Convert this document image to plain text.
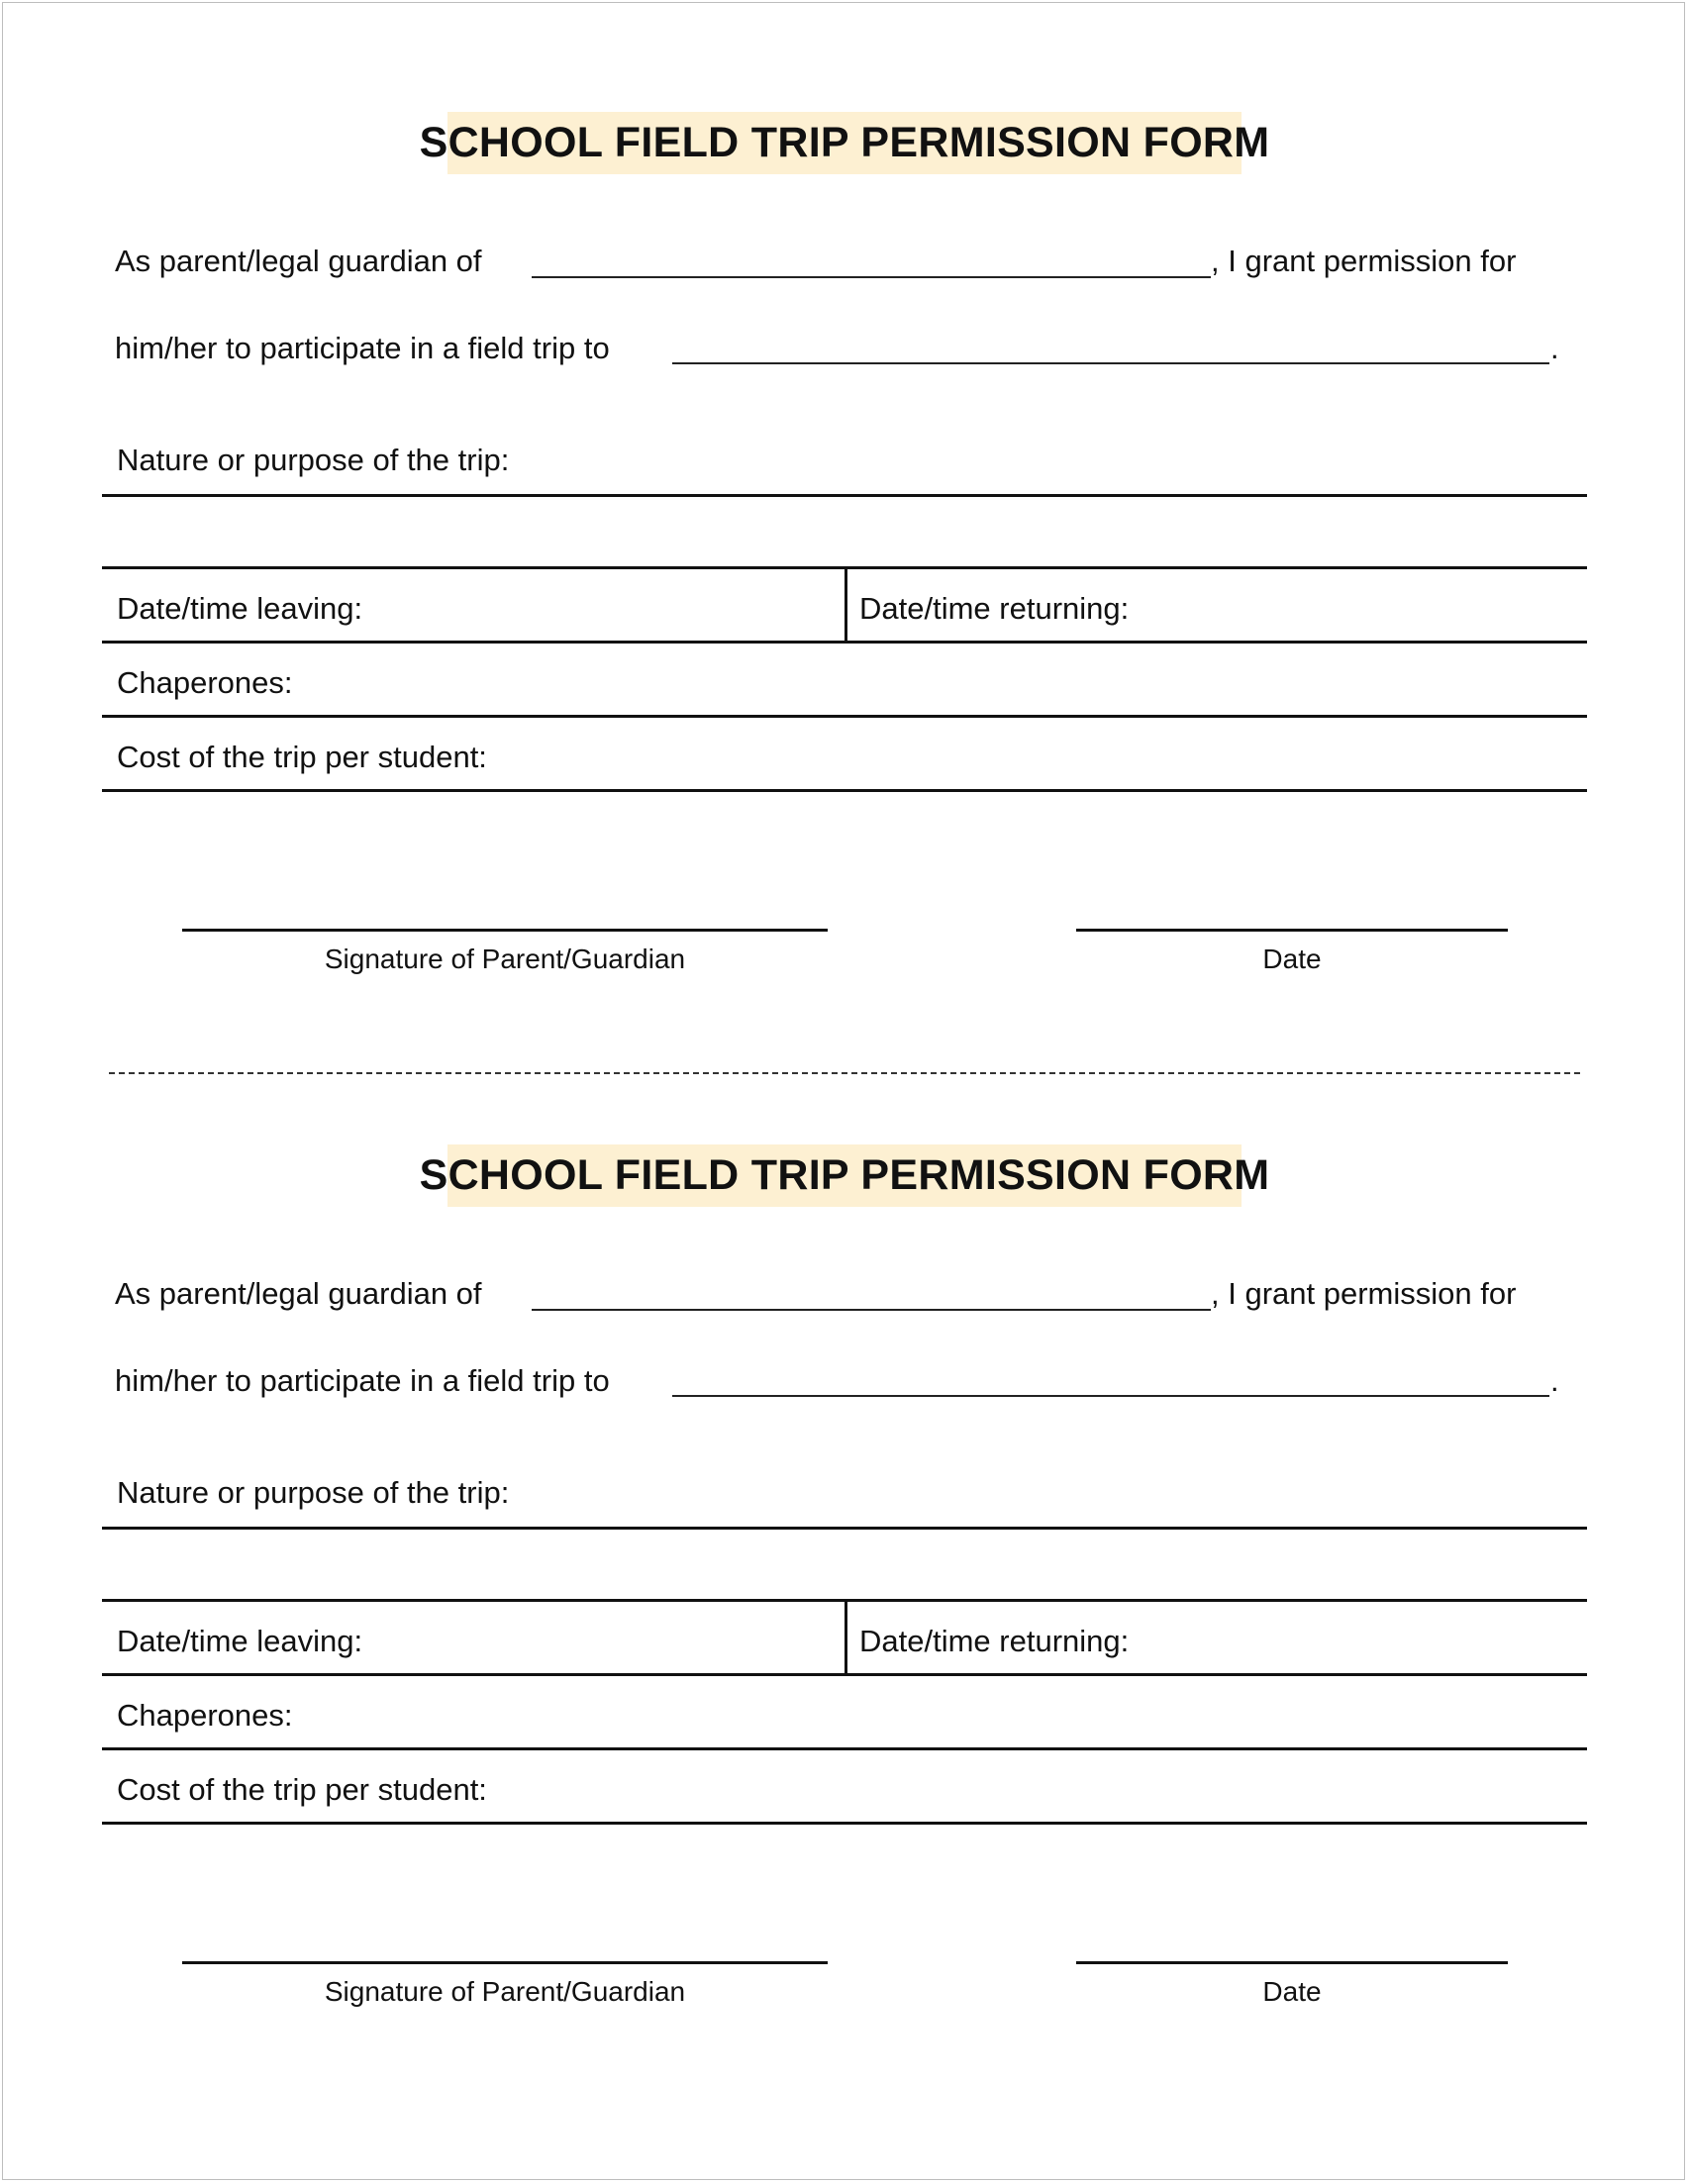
SCHOOL FIELD TRIP PERMISSION FORM
As parent/legal guardian of	, I grant permission for
him/her to participate in a field trip to	.
Nature or purpose of the trip:
Date/time leaving:	Date/time returning:
Chaperones:
Cost of the trip per student:
Signature of Parent/Guardian	Date
SCHOOL FIELD TRIP PERMISSION FORM
As parent/legal guardian of	, I grant permission for
him/her to participate in a field trip to	.
Nature or purpose of the trip:
Date/time leaving:	Date/time returning:
Chaperones:
Cost of the trip per student:
Signature of Parent/Guardian	Date
